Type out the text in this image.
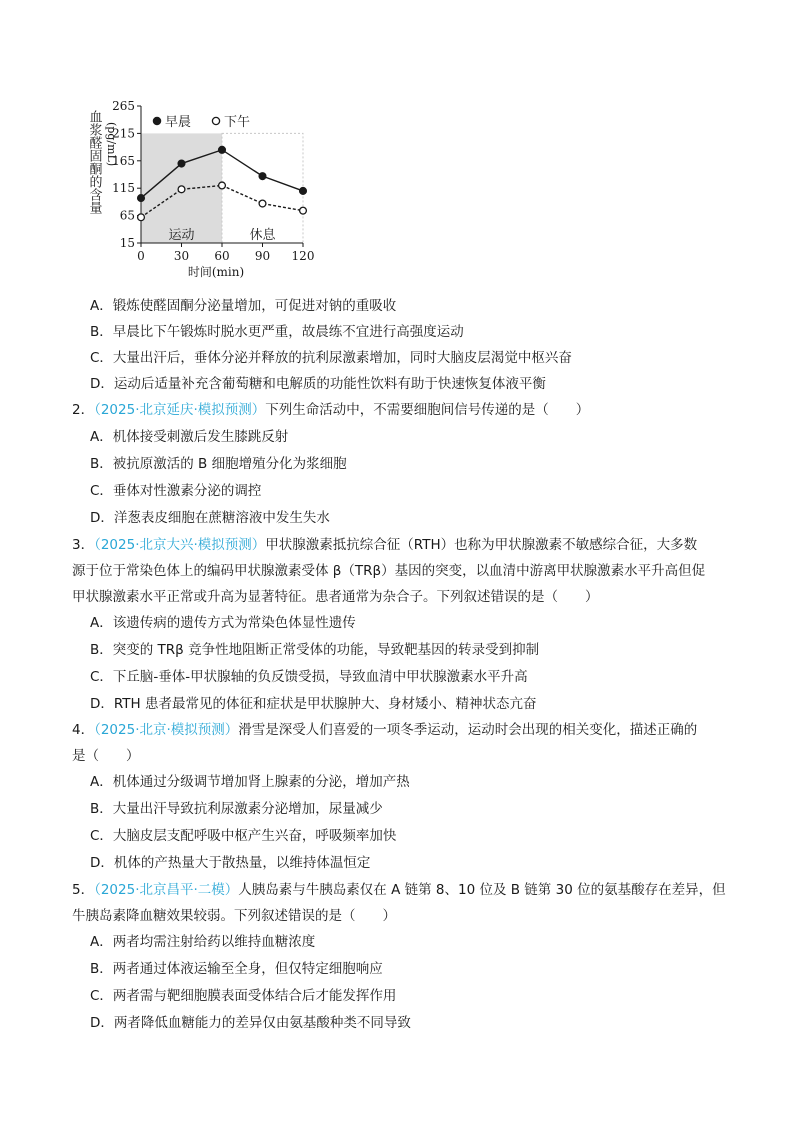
265
215
165
115
65
15
0 30 60 90 120
血浆醛固酮的含量 (pg/mL)
时间(min)
早晨	下午
运动	休息
A．锻炼使醛固酮分泌量增加，可促进对钠的重吸收
B．早晨比下午锻炼时脱水更严重，故晨练不宜进行高强度运动
C．大量出汗后，垂体分泌并释放的抗利尿激素增加，同时大脑皮层渴觉中枢兴奋
D．运动后适量补充含葡萄糖和电解质的功能性饮料有助于快速恢复体液平衡
2．（2025·北京延庆·模拟预测）下列生命活动中，不需要细胞间信号传递的是（　　）
A．机体接受刺激后发生膝跳反射
B．被抗原激活的 B 细胞增殖分化为浆细胞
C．垂体对性激素分泌的调控
D．洋葱表皮细胞在蔗糖溶液中发生失水
3．（2025·北京大兴·模拟预测）甲状腺激素抵抗综合征（RTH）也称为甲状腺激素不敏感综合征，大多数
源于位于常染色体上的编码甲状腺激素受体 β（TRβ）基因的突变，以血清中游离甲状腺激素水平升高但促
甲状腺激素水平正常或升高为显著特征。患者通常为杂合子。下列叙述错误的是（　　）
A．该遗传病的遗传方式为常染色体显性遗传
B．突变的 TRβ 竞争性地阻断正常受体的功能，导致靶基因的转录受到抑制
C．下丘脑-垂体-甲状腺轴的负反馈受损，导致血清中甲状腺激素水平升高
D．RTH 患者最常见的体征和症状是甲状腺肿大、身材矮小、精神状态亢奋
4．（2025·北京·模拟预测）滑雪是深受人们喜爱的一项冬季运动，运动时会出现的相关变化，描述正确的
是（　　）
A．机体通过分级调节增加肾上腺素的分泌，增加产热
B．大量出汗导致抗利尿激素分泌增加，尿量减少
C．大脑皮层支配呼吸中枢产生兴奋，呼吸频率加快
D．机体的产热量大于散热量，以维持体温恒定
5．（2025·北京昌平·二模）人胰岛素与牛胰岛素仅在 A 链第 8、10 位及 B 链第 30 位的氨基酸存在差异，但
牛胰岛素降血糖效果较弱。下列叙述错误的是（　　）
A．两者均需注射给药以维持血糖浓度
B．两者通过体液运输至全身，但仅特定细胞响应
C．两者需与靶细胞膜表面受体结合后才能发挥作用
D．两者降低血糖能力的差异仅由氨基酸种类不同导致
